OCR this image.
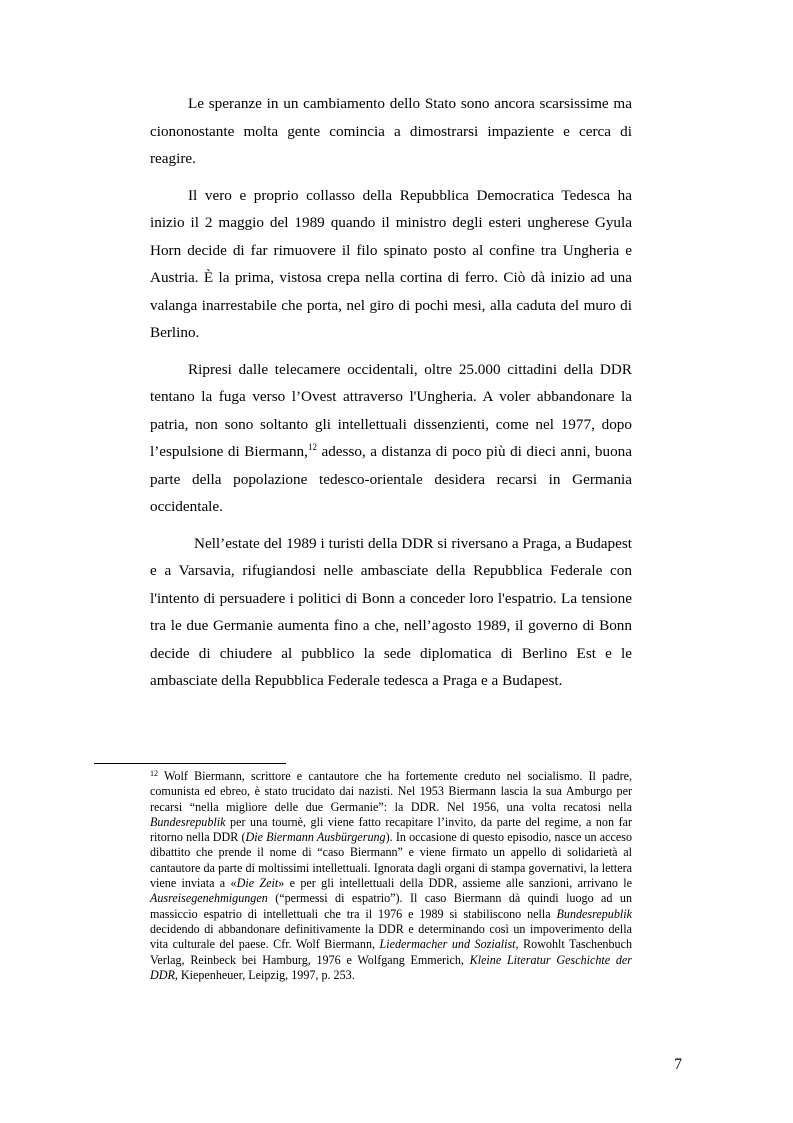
Le speranze in un cambiamento dello Stato sono ancora scarsissime ma ciononostante molta gente comincia a dimostrarsi impaziente e cerca di reagire.

Il vero e proprio collasso della Repubblica Democratica Tedesca ha inizio il 2 maggio del 1989 quando il ministro degli esteri ungherese Gyula Horn decide di far rimuovere il filo spinato posto al confine tra Ungheria e Austria. È la prima, vistosa crepa nella cortina di ferro. Ciò dà inizio ad una valanga inarrestabile che porta, nel giro di pochi mesi, alla caduta del muro di Berlino.

Ripresi dalle telecamere occidentali, oltre 25.000 cittadini della DDR tentano la fuga verso l’Ovest attraverso l'Ungheria. A voler abbandonare la patria, non sono soltanto gli intellettuali dissenzienti, come nel 1977, dopo l’espulsione di Biermann,$^{12}$ adesso, a distanza di poco più di dieci anni, buona parte della popolazione tedesco-orientale desidera recarsi in Germania occidentale.

Nell’estate del 1989 i turisti della DDR si riversano a Praga, a Budapest e a Varsavia, rifugiandosi nelle ambasciate della Repubblica Federale con l'intento di persuadere i politici di Bonn a conceder loro l'espatrio. La tensione tra le due Germanie aumenta fino a che, nell’agosto 1989, il governo di Bonn decide di chiudere al pubblico la sede diplomatica di Berlino Est e le ambasciate della Repubblica Federale tedesca a Praga e a Budapest.

$^{12}$ Wolf Biermann, scrittore e cantautore che ha fortemente creduto nel socialismo. Il padre, comunista ed ebreo, è stato trucidato dai nazisti. Nel 1953 Biermann lascia la sua Amburgo per recarsi “nella migliore delle due Germanie”: la DDR. Nel 1956, una volta recatosi nella Bundesrepublik per una tournè, gli viene fatto recapitare l’invito, da parte del regime, a non far ritorno nella DDR (Die Biermann Ausbürgerung). In occasione di questo episodio, nasce un acceso dibattito che prende il nome di “caso Biermann” e viene firmato un appello di solidarietà al cantautore da parte di moltissimi intellettuali. Ignorata dagli organi di stampa governativi, la lettera viene inviata a «Die Zeit» e per gli intellettuali della DDR, assieme alle sanzioni, arrivano le Ausreisegenehmigungen (“permessi di espatrio”). Il caso Biermann dà quindi luogo ad un massiccio espatrio di intellettuali che tra il 1976 e 1989 si stabiliscono nella Bundesrepublik decidendo di abbandonare definitivamente la DDR e determinando così un impoverimento della vita culturale del paese. Cfr. Wolf Biermann, Liedermacher und Sozialist, Rowohlt Taschenbuch Verlag, Reinbeck bei Hamburg, 1976 e Wolfgang Emmerich, Kleine Literatur Geschichte der DDR, Kiepenheuer, Leipzig, 1997, p. 253.

7
